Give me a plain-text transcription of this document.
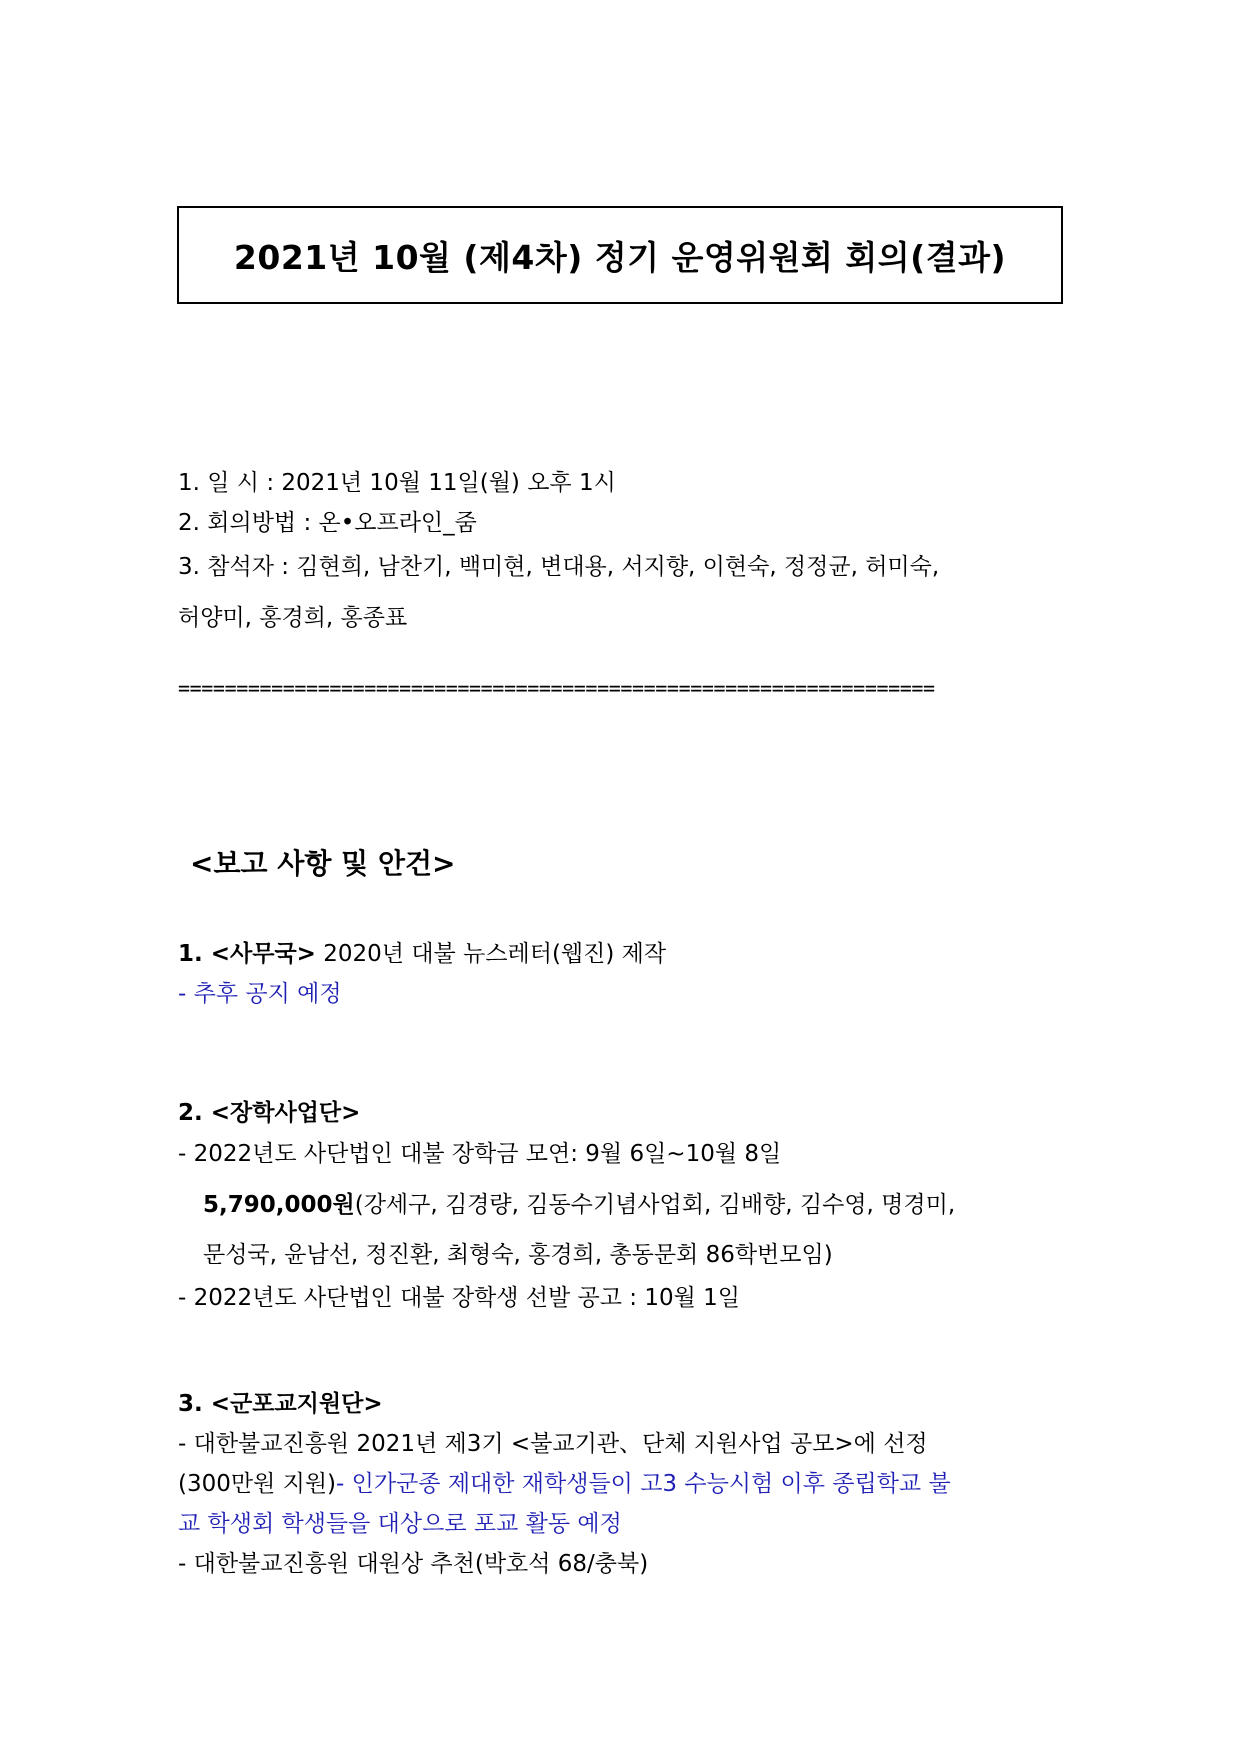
2021년 10월 (제4차) 정기 운영위원회 회의(결과)
1. 일 시 : 2021년 10월 11일(월) 오후 1시
2. 회의방법 : 온•오프라인_줌
3. 참석자 : 김현희, 남찬기, 백미현, 변대용, 서지향, 이현숙, 정정균, 허미숙,
허양미, 홍경희, 홍종표
=================================================================
<보고 사항 및 안건>
1. <사무국> 2020년 대불 뉴스레터(웹진) 제작
- 추후 공지 예정
2. <장학사업단>
- 2022년도 사단법인 대불 장학금 모연: 9월 6일~10월 8일
5,790,000원(강세구, 김경량, 김동수기념사업회, 김배향, 김수영, 명경미,
문성국, 윤남선, 정진환, 최형숙, 홍경희, 총동문회 86학번모임)
- 2022년도 사단법인 대불 장학생 선발 공고 : 10월 1일
3. <군포교지원단>
- 대한불교진흥원 2021년 제3기 <불교기관、단체 지원사업 공모>에 선정
(300만원 지원)- 인가군종 제대한 재학생들이 고3 수능시험 이후 종립학교 불
교 학생회 학생들을 대상으로 포교 활동 예정
- 대한불교진흥원 대원상 추천(박호석 68/충북)
